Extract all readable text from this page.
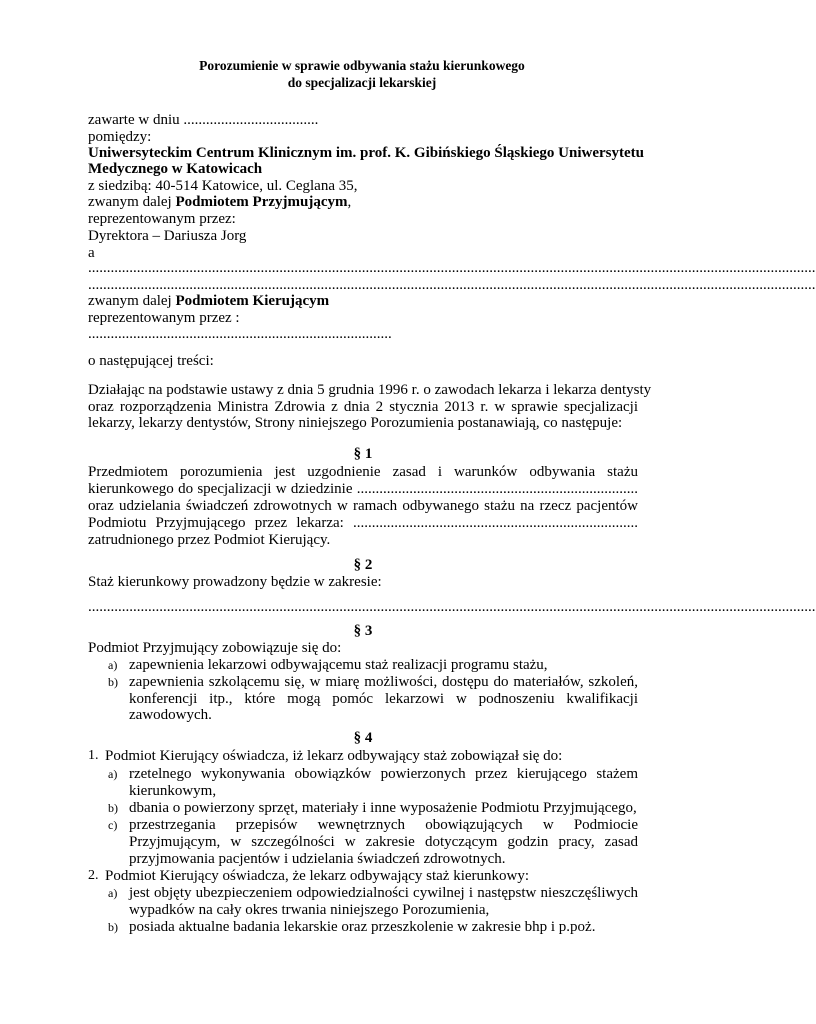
Porozumienie w sprawie odbywania stażu kierunkowego
do specjalizacji lekarskiej
zawarte w dniu ....................................
pomiędzy:
Uniwersyteckim Centrum Klinicznym im. prof. K. Gibińskiego Śląskiego Uniwersytetu
Medycznego w Katowicach
z siedzibą: 40-514 Katowice, ul. Ceglana 35,
zwanym dalej Podmiotem Przyjmującym,
reprezentowanym przez:
Dyrektora – Dariusza Jorg
a
..................................................................................................................................................................................................
..................................................................................................................................................................................................
zwanym dalej Podmiotem Kierującym
reprezentowanym przez :
.................................................................................
o następującej treści:
Działając na podstawie ustawy z dnia 5 grudnia 1996 r. o zawodach lekarza i lekarza dentysty
oraz rozporządzenia Ministra Zdrowia z dnia 2 stycznia 2013 r. w sprawie specjalizacji
lekarzy, lekarzy dentystów, Strony niniejszego Porozumienia postanawiają, co następuje:
§ 1
Przedmiotem porozumienia jest uzgodnienie zasad i warunków odbywania stażu
kierunkowego do specjalizacji w dziedzinie ...........................................................................
oraz udzielania świadczeń zdrowotnych w ramach odbywanego stażu na rzecz pacjentów
Podmiotu Przyjmującego przez lekarza: ............................................................................
zatrudnionego przez Podmiot Kierujący.
§ 2
Staż kierunkowy prowadzony będzie w zakresie:
..................................................................................................................................................................................................
§ 3
Podmiot Przyjmujący zobowiązuje się do:
a) zapewnienia lekarzowi odbywającemu staż realizacji programu stażu,
b) zapewnienia szkolącemu się, w miarę możliwości, dostępu do materiałów, szkoleń,
konferencji itp., które mogą pomóc lekarzowi w podnoszeniu kwalifikacji
zawodowych.
§ 4
1. Podmiot Kierujący oświadcza, iż lekarz odbywający staż zobowiązał się do:
a) rzetelnego wykonywania obowiązków powierzonych przez kierującego stażem
kierunkowym,
b) dbania o powierzony sprzęt, materiały i inne wyposażenie Podmiotu Przyjmującego,
c) przestrzegania przepisów wewnętrznych obowiązujących w Podmiocie
Przyjmującym, w szczególności w zakresie dotyczącym godzin pracy, zasad
przyjmowania pacjentów i udzielania świadczeń zdrowotnych.
2. Podmiot Kierujący oświadcza, że lekarz odbywający staż kierunkowy:
a) jest objęty ubezpieczeniem odpowiedzialności cywilnej i następstw nieszczęśliwych
wypadków na cały okres trwania niniejszego Porozumienia,
b) posiada aktualne badania lekarskie oraz przeszkolenie w zakresie bhp i p.poż.
